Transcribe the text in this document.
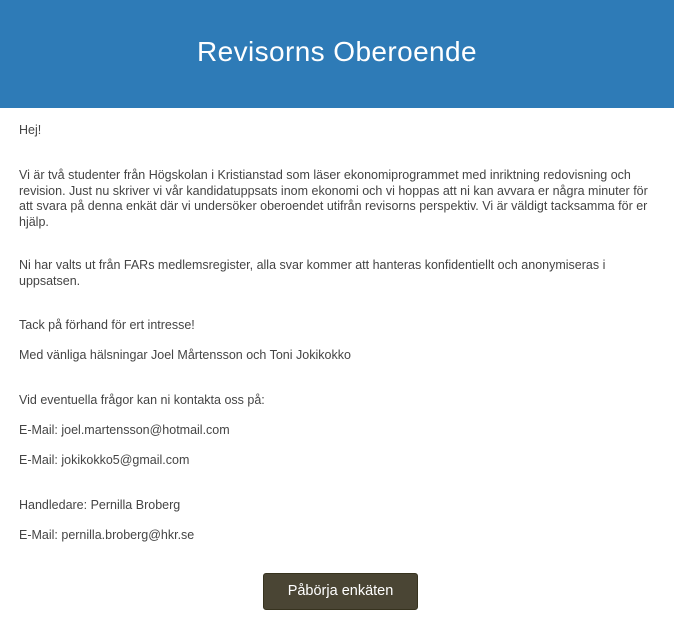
Revisorns Oberoende

Hej!

Vi är två studenter från Högskolan i Kristianstad som läser ekonomiprogrammet med inriktning redovisning och revision. Just nu skriver vi vår kandidatuppsats inom ekonomi och vi hoppas att ni kan avvara er några minuter för att svara på denna enkät där vi undersöker oberoendet utifrån revisorns perspektiv. Vi är väldigt tacksamma för er hjälp.

Ni har valts ut från FARs medlemsregister, alla svar kommer att hanteras konfidentiellt och anonymiseras i uppsatsen.

Tack på förhand för ert intresse!

Med vänliga hälsningar Joel Mårtensson och Toni Jokikokko

Vid eventuella frågor kan ni kontakta oss på:

E-Mail: joel.martensson@hotmail.com

E-Mail: jokikokko5@gmail.com

Handledare: Pernilla Broberg

E-Mail: pernilla.broberg@hkr.se

Påbörja enkäten
